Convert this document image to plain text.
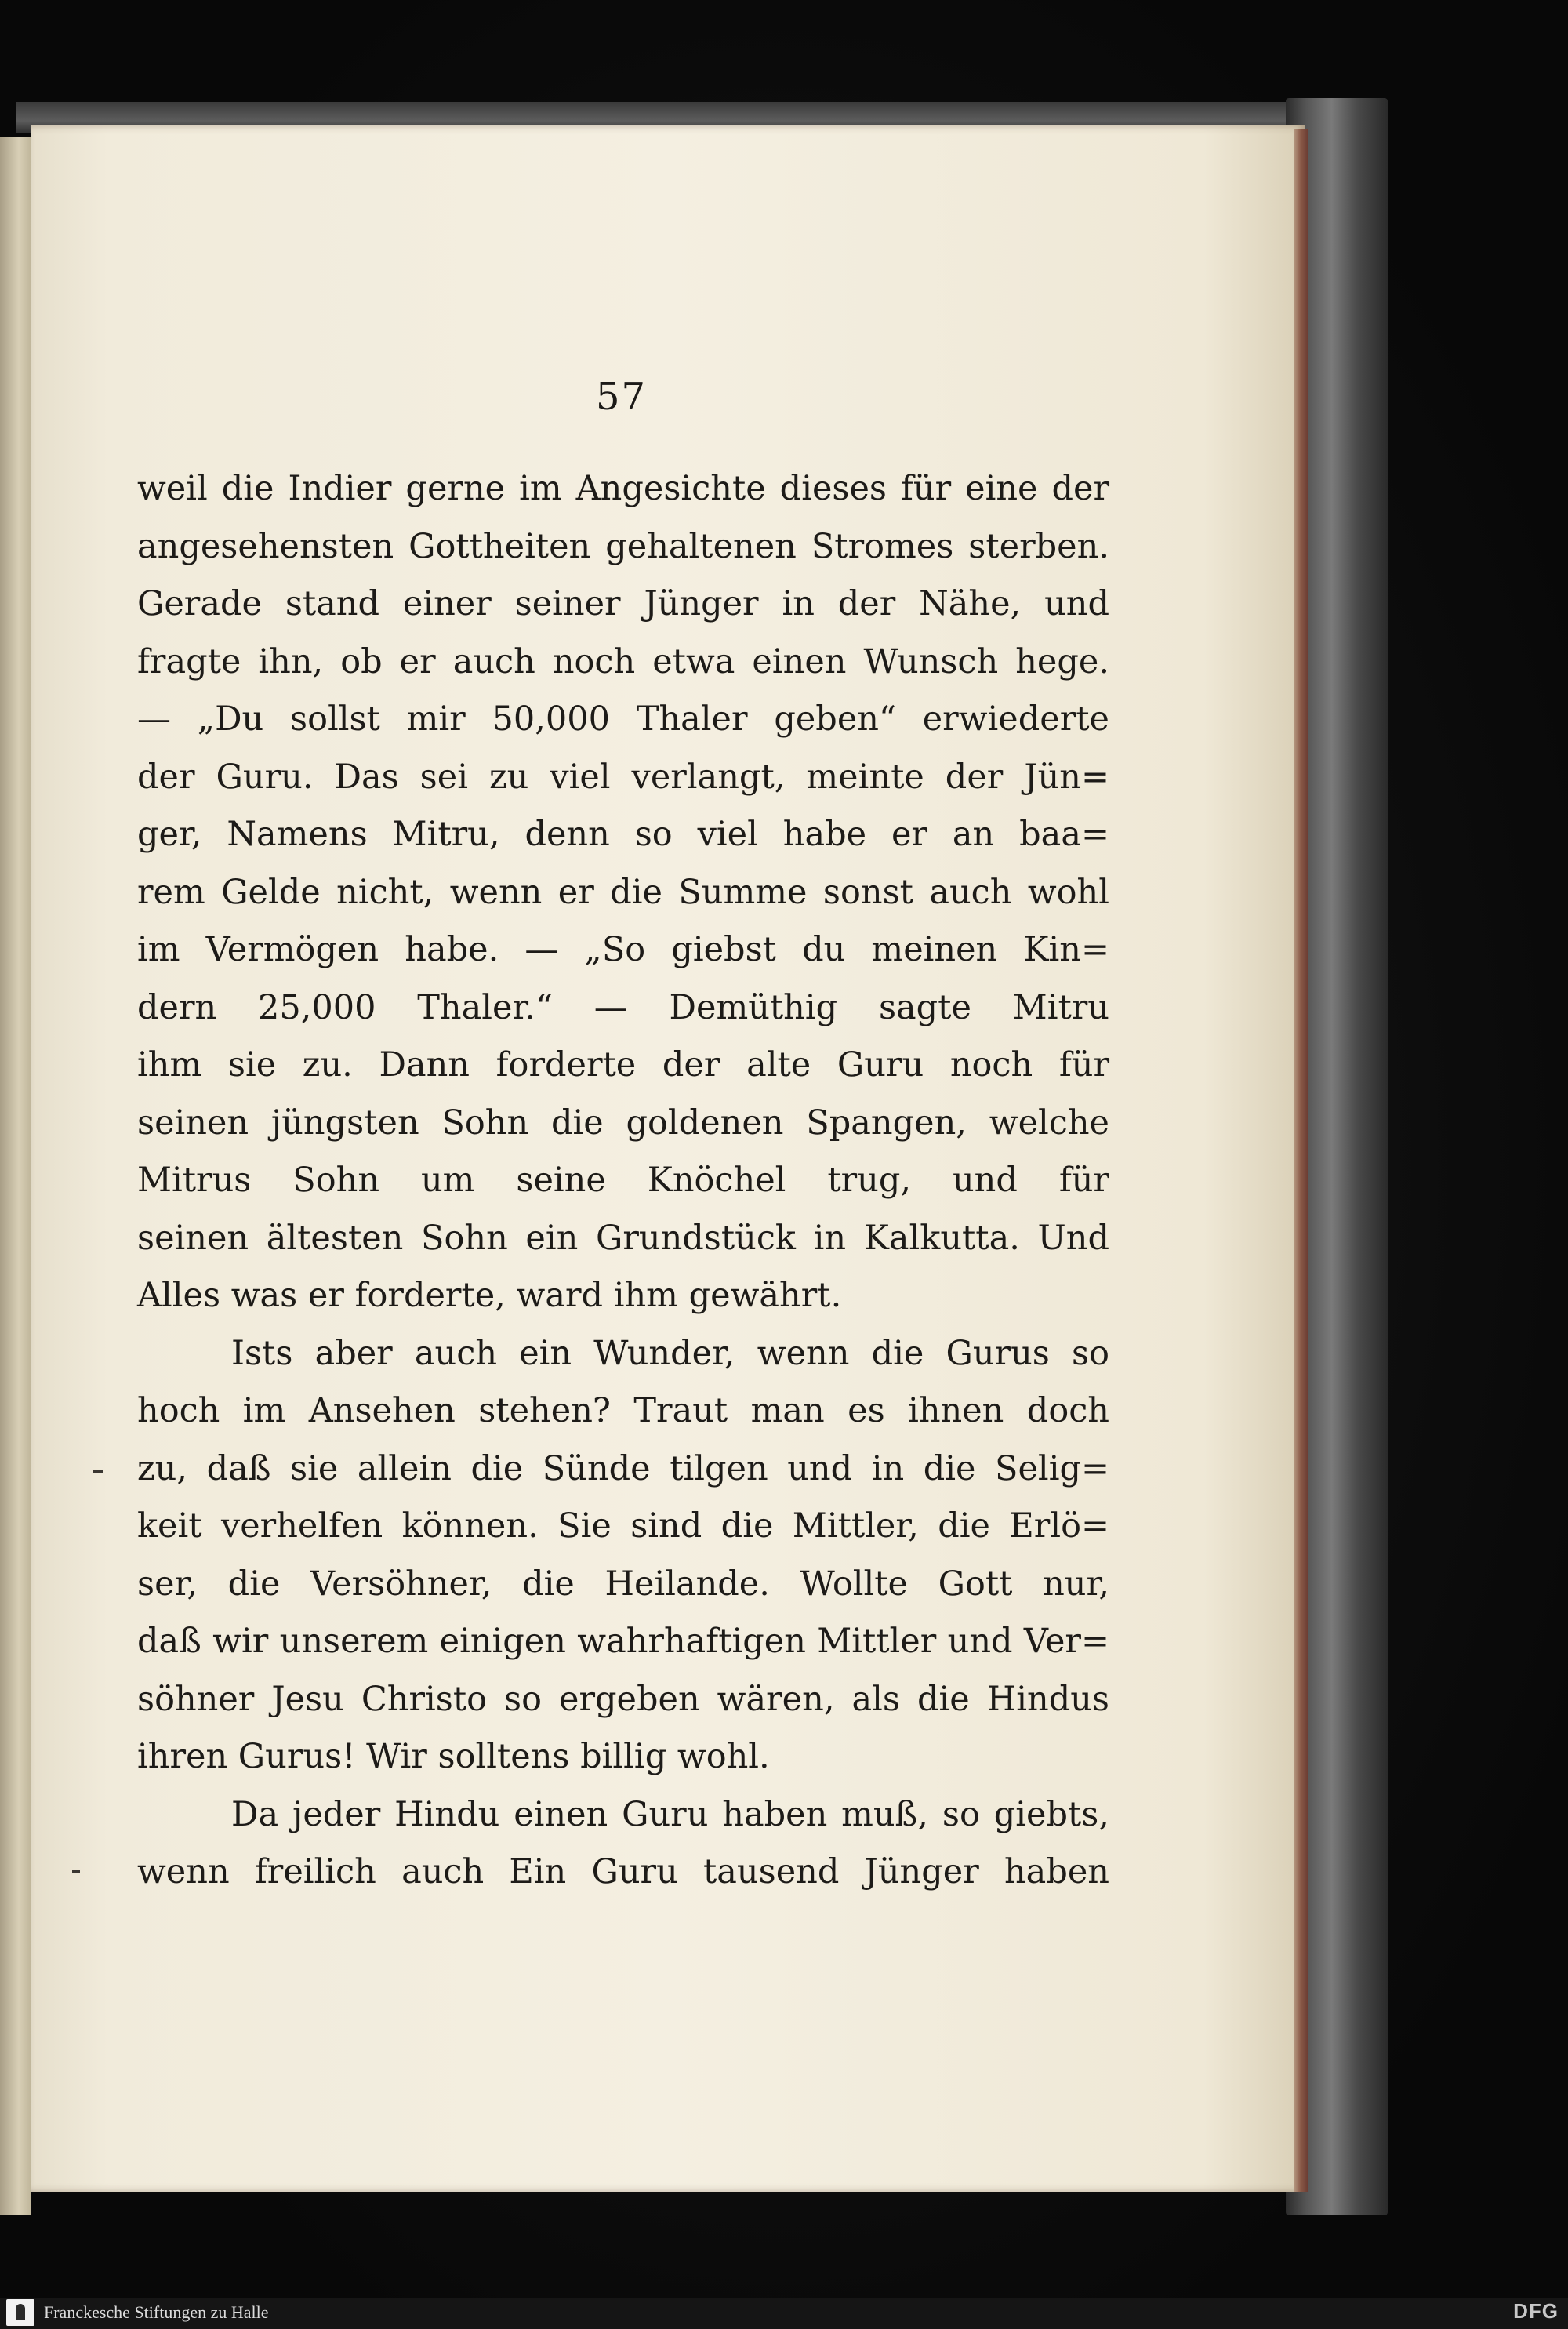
57
weil die Indier gerne im Angesichte dieses für eine der
angesehensten Gottheiten gehaltenen Stromes sterben.
Gerade stand einer seiner Jünger in der Nähe, und
fragte ihn, ob er auch noch etwa einen Wunsch hege.
— „Du sollst mir 50,000 Thaler geben“ erwiederte
der Guru. Das sei zu viel verlangt, meinte der Jün=
ger, Namens Mitru, denn so viel habe er an baa=
rem Gelde nicht, wenn er die Summe sonst auch wohl
im Vermögen habe. — „So giebst du meinen Kin=
dern 25,000 Thaler.“ — Demüthig sagte Mitru
ihm sie zu. Dann forderte der alte Guru noch für
seinen jüngsten Sohn die goldenen Spangen, welche
Mitrus Sohn um seine Knöchel trug, und für
seinen ältesten Sohn ein Grundstück in Kalkutta. Und
Alles was er forderte, ward ihm gewährt.
Ists aber auch ein Wunder, wenn die Gurus so
hoch im Ansehen stehen? Traut man es ihnen doch
zu, daß sie allein die Sünde tilgen und in die Selig=
keit verhelfen können. Sie sind die Mittler, die Erlö=
ser, die Versöhner, die Heilande. Wollte Gott nur,
daß wir unserem einigen wahrhaftigen Mittler und Ver=
söhner Jesu Christo so ergeben wären, als die Hindus
ihren Gurus! Wir solltens billig wohl.
Da jeder Hindu einen Guru haben muß, so giebts,
wenn freilich auch Ein Guru tausend Jünger haben
Franckesche Stiftungen zu Halle	DFG
